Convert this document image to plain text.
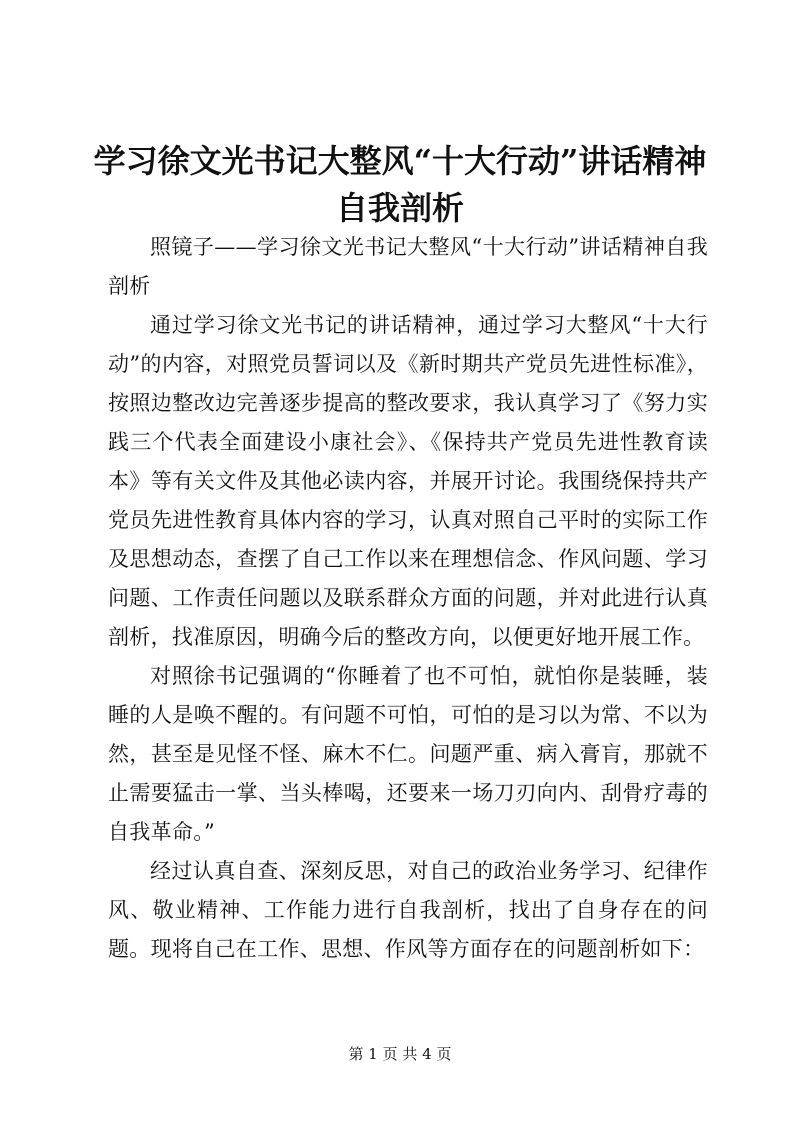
学习徐文光书记大整风“十大行动”讲话精神
自我剖析

照镜子——学习徐文光书记大整风“十大行动”讲话精神自我剖析

通过学习徐文光书记的讲话精神，通过学习大整风“十大行动”的内容，对照党员誓词以及《新时期共产党员先进性标准》，按照边整改边完善逐步提高的整改要求，我认真学习了《努力实践三个代表全面建设小康社会》、《保持共产党员先进性教育读本》等有关文件及其他必读内容，并展开讨论。我围绕保持共产党员先进性教育具体内容的学习，认真对照自己平时的实际工作及思想动态，查摆了自己工作以来在理想信念、作风问题、学习问题、工作责任问题以及联系群众方面的问题，并对此进行认真剖析，找准原因，明确今后的整改方向，以便更好地开展工作。

对照徐书记强调的“你睡着了也不可怕，就怕你是装睡，装睡的人是唤不醒的。有问题不可怕，可怕的是习以为常、不以为然，甚至是见怪不怪、麻木不仁。问题严重、病入膏肓，那就不止需要猛击一掌、当头棒喝，还要来一场刀刃向内、刮骨疗毒的自我革命。”

经过认真自查、深刻反思，对自己的政治业务学习、纪律作风、敬业精神、工作能力进行自我剖析，找出了自身存在的问题。现将自己在工作、思想、作风等方面存在的问题剖析如下：

第 1 页 共 4 页
